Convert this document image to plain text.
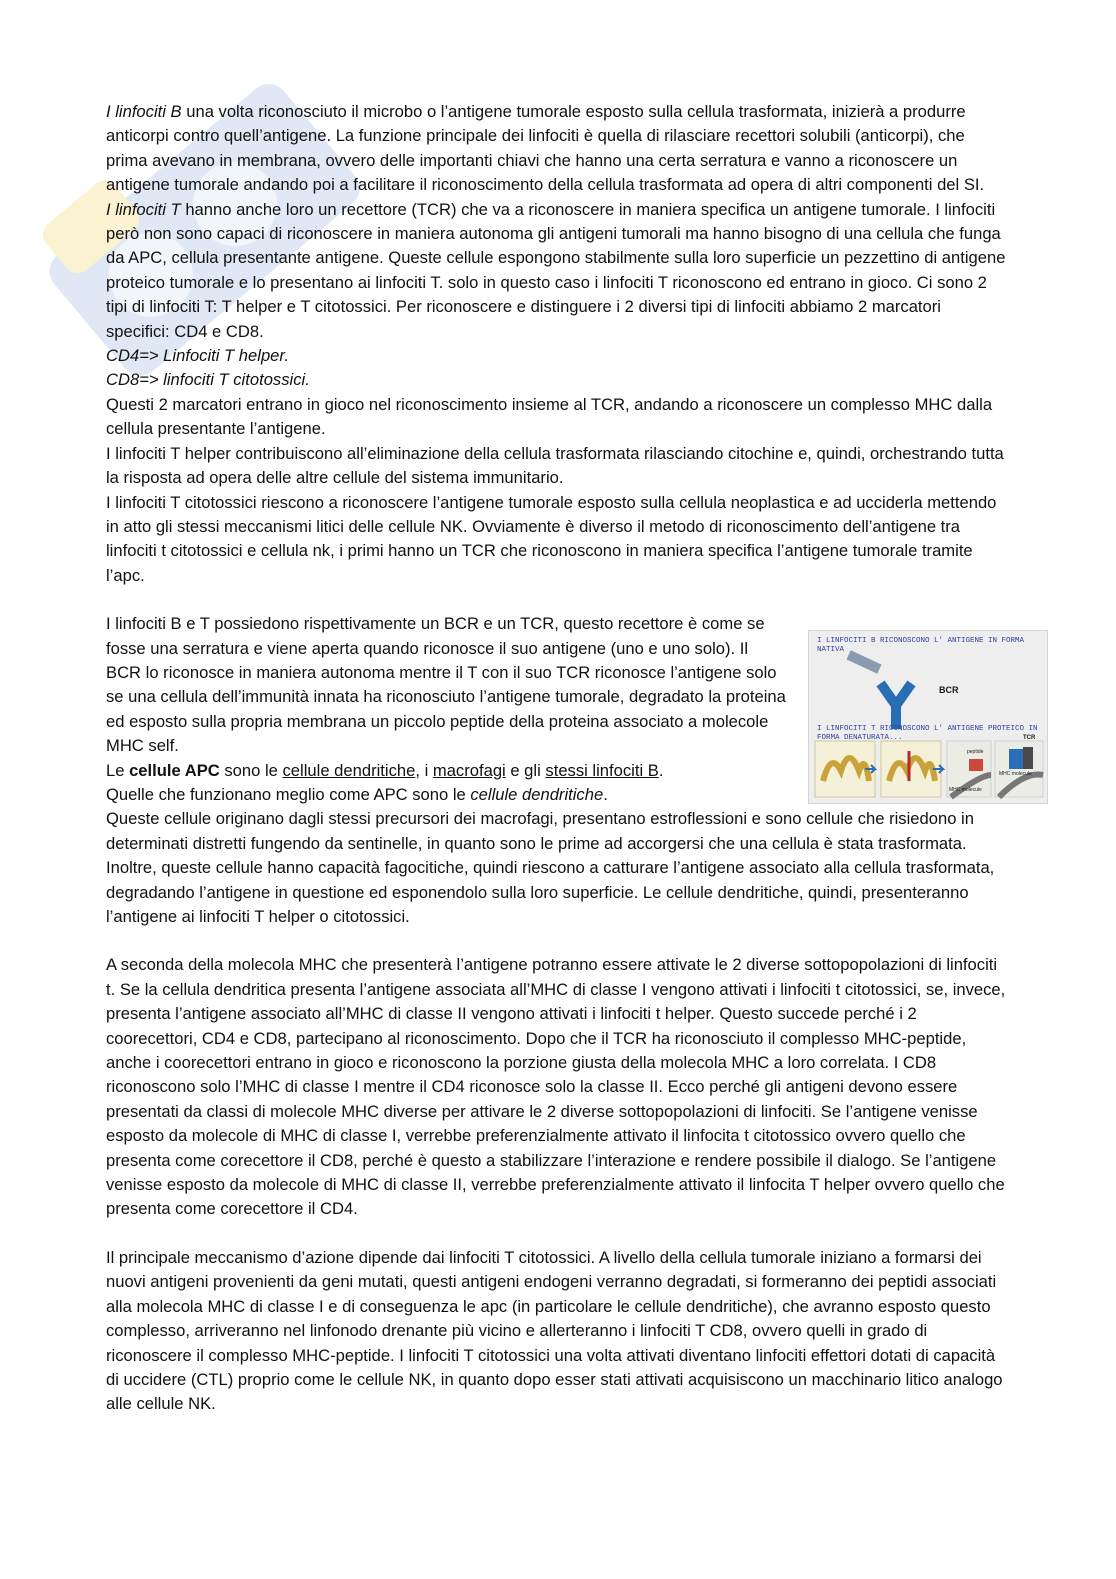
I linfociti B una volta riconosciuto il microbo o l’antigene tumorale esposto sulla cellula trasformata, inizierà a produrre anticorpi contro quell’antigene. La funzione principale dei linfociti è quella di rilasciare recettori solubili (anticorpi), che prima avevano in membrana, ovvero delle importanti chiavi che hanno una certa serratura e vanno a riconoscere un antigene tumorale andando poi a facilitare il riconoscimento della cellula trasformata ad opera di altri componenti del SI.

I linfociti T hanno anche loro un recettore (TCR) che va a riconoscere in maniera specifica un antigene tumorale. I linfociti però non sono capaci di riconoscere in maniera autonoma gli antigeni tumorali ma hanno bisogno di una cellula che funga da APC, cellula presentante antigene. Queste cellule espongono stabilmente sulla loro superficie un pezzettino di antigene proteico tumorale e lo presentano ai linfociti T. solo in questo caso i linfociti T riconoscono ed entrano in gioco. Ci sono 2 tipi di linfociti T: T helper e T citotossici. Per riconoscere e distinguere i 2 diversi tipi di linfociti abbiamo 2 marcatori specifici: CD4 e CD8.

CD4=> Linfociti T helper.

CD8=> linfociti T citotossici.

Questi 2 marcatori entrano in gioco nel riconoscimento insieme al TCR, andando a riconoscere un complesso MHC dalla cellula presentante l’antigene.

I linfociti T helper contribuiscono all’eliminazione della cellula trasformata rilasciando citochine e, quindi, orchestrando tutta la risposta ad opera delle altre cellule del sistema immunitario.

I linfociti T citotossici riescono a riconoscere l’antigene tumorale esposto sulla cellula neoplastica e ad ucciderla mettendo in atto gli stessi meccanismi litici delle cellule NK. Ovviamente è diverso il metodo di riconoscimento dell’antigene tra linfociti t citotossici e cellula nk, i primi hanno un TCR che riconoscono in maniera specifica l’antigene tumorale tramite l’apc.

I linfociti B e T possiedono rispettivamente un BCR e un TCR, questo recettore è come se fosse una serratura e viene aperta quando riconosce il suo antigene (uno e uno solo). Il BCR lo riconosce in maniera autonoma mentre il T con il suo TCR riconosce l’antigene solo se una cellula dell’immunità innata ha riconosciuto l’antigene tumorale, degradato la proteina ed esposto sulla propria membrana un piccolo peptide della proteina associato a molecole MHC self.

Le cellule APC sono le cellule dendritiche, i macrofagi e gli stessi linfociti B.

Quelle che funzionano meglio come APC sono le cellule dendritiche.

Queste cellule originano dagli stessi precursori dei macrofagi, presentano estroflessioni e sono cellule che risiedono in determinati distretti fungendo da sentinelle, in quanto sono le prime ad accorgersi che una cellula è stata trasformata. Inoltre, queste cellule hanno capacità fagocitiche, quindi riescono a catturare l’antigene associato alla cellula trasformata, degradando l’antigene in questione ed esponendolo sulla loro superficie. Le cellule dendritiche, quindi, presenteranno l’antigene ai linfociti T helper o citotossici.

A seconda della molecola MHC che presenterà l’antigene potranno essere attivate le 2 diverse sottopopolazioni di linfociti t. Se la cellula dendritica presenta l’antigene associata all’MHC di classe I vengono attivati i linfociti t citotossici, se, invece, presenta l’antigene associato all’MHC di classe II vengono attivati i linfociti t helper. Questo succede perché i 2 coorecettori, CD4 e CD8, partecipano al riconoscimento. Dopo che il TCR ha riconosciuto il complesso MHC-peptide, anche i coorecettori entrano in gioco e riconoscono la porzione giusta della molecola MHC a loro correlata. I CD8 riconoscono solo l’MHC di classe I mentre il CD4 riconosce solo la classe II. Ecco perché gli antigeni devono essere presentati da classi di molecole MHC diverse per attivare le 2 diverse sottopopolazioni di linfociti. Se l’antigene venisse esposto da molecole di MHC di classe I, verrebbe preferenzialmente attivato il linfocita t citotossico ovvero quello che presenta come corecettore il CD8, perché è questo a stabilizzare l’interazione e rendere possibile il dialogo. Se l’antigene venisse esposto da molecole di MHC di classe II, verrebbe preferenzialmente attivato il linfocita T helper ovvero quello che presenta come corecettore il CD4.

Il principale meccanismo d’azione dipende dai linfociti T citotossici. A livello della cellula tumorale iniziano a formarsi dei nuovi antigeni provenienti da geni mutati, questi antigeni endogeni verranno degradati, si formeranno dei peptidi associati alla molecola MHC di classe I e di conseguenza le apc (in particolare le cellule dendritiche), che avranno esposto questo complesso, arriveranno nel linfonodo drenante più vicino e allerteranno i linfociti T CD8, ovvero quelli in grado di riconoscere il complesso MHC-peptide. I linfociti T citotossici una volta attivati diventano linfociti effettori dotati di capacità di uccidere (CTL) proprio come le cellule NK, in quanto dopo esser stati attivati acquisiscono un macchinario litico analogo alle cellule NK.

I LINFOCITI B RICONOSCONO L' ANTIGENE IN FORMA NATIVA
BCR
I LINFOCITI T RICONOSCONO L' ANTIGENE PROTEICO IN FORMA DENATURATA...	TCR
MHC molecule
MHC molecule
peptide
